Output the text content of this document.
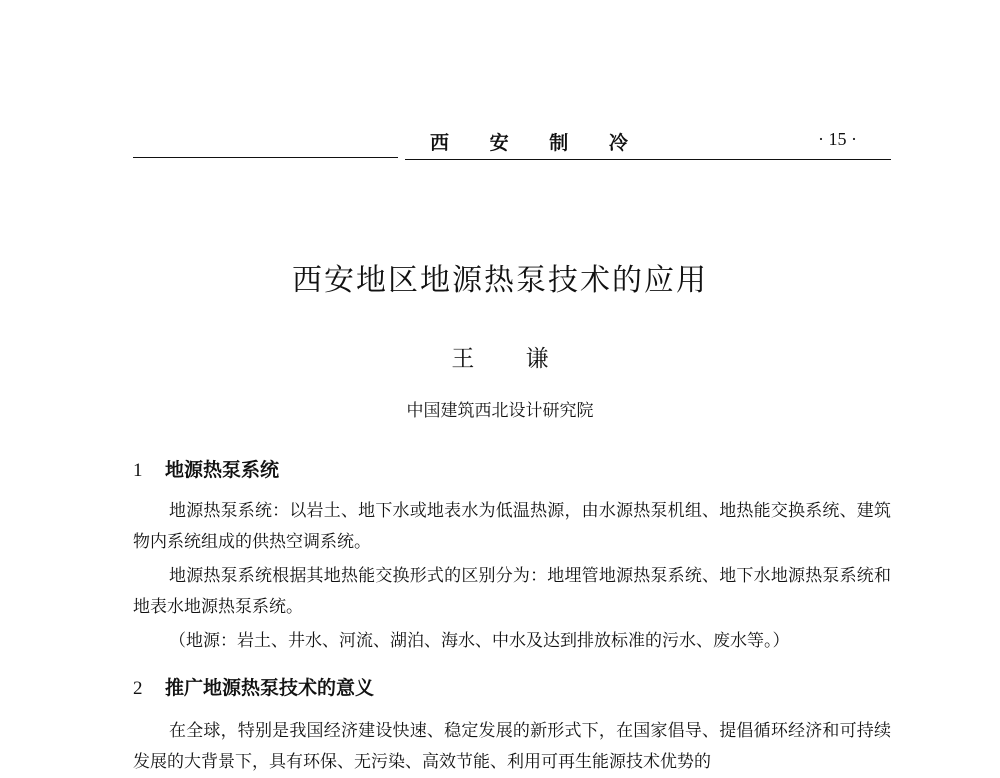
西 安 制 冷	· 15 ·
西安地区地源热泵技术的应用
王 谦
中国建筑西北设计研究院
1 地源热泵系统

地源热泵系统：以岩土、地下水或地表水为低温热源，由水源热泵机组、地热能交换系统、建筑物内系统组成的供热空调系统。

地源热泵系统根据其地热能交换形式的区别分为：地埋管地源热泵系统、地下水地源热泵系统和地表水地源热泵系统。

（地源：岩土、井水、河流、湖泊、海水、中水及达到排放标准的污水、废水等。）

2 推广地源热泵技术的意义

在全球，特别是我国经济建设快速、稳定发展的新形式下，在国家倡导、提倡循环经济和可持续发展的大背景下，具有环保、无污染、高效节能、利用可再生能源技术优势的
